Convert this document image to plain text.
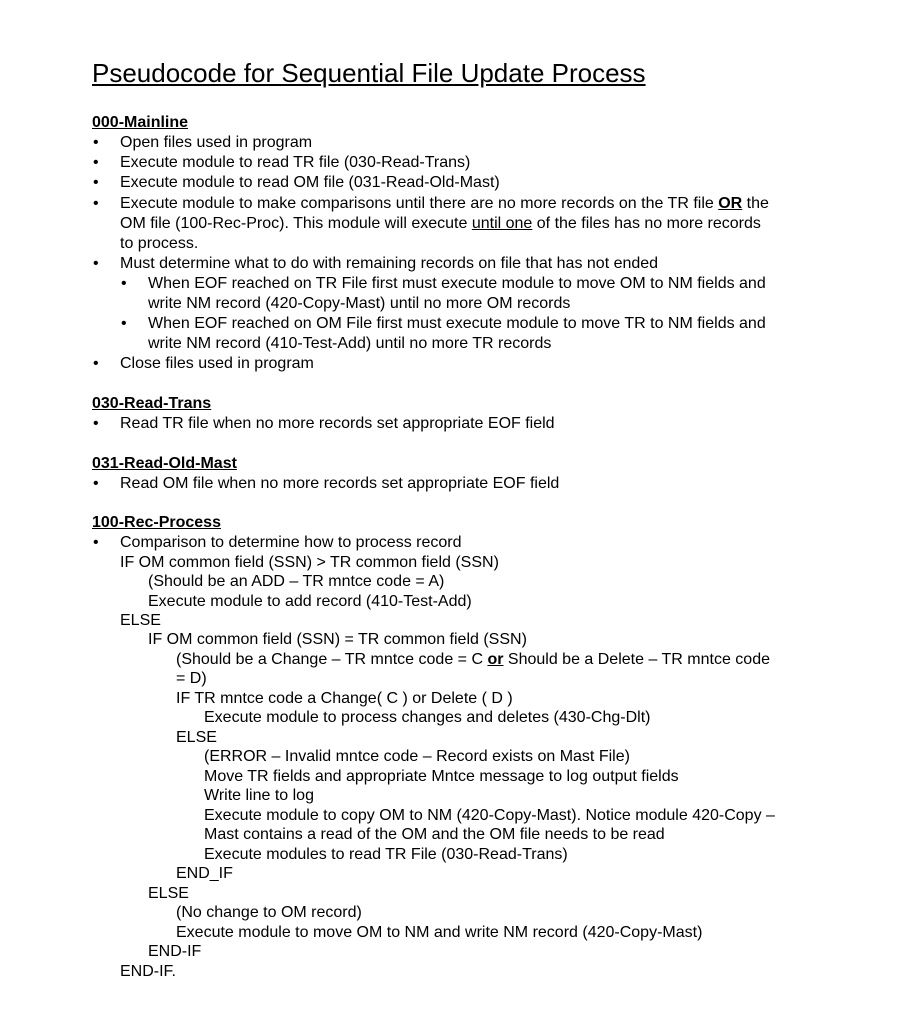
Pseudocode for Sequential File Update Process
000-Mainline
• Open files used in program
• Execute module to read TR file (030-Read-Trans)
• Execute module to read OM file (031-Read-Old-Mast)
• Execute module to make comparisons until there are no more records on the TR file OR the
OM file (100-Rec-Proc). This module will execute until one of the files has no more records
to process.
• Must determine what to do with remaining records on file that has not ended
• When EOF reached on TR File first must execute module to move OM to NM fields and
write NM record (420-Copy-Mast) until no more OM records
• When EOF reached on OM File first must execute module to move TR to NM fields and
write NM record (410-Test-Add) until no more TR records
• Close files used in program
030-Read-Trans
• Read TR file when no more records set appropriate EOF field
031-Read-Old-Mast
• Read OM file when no more records set appropriate EOF field
100-Rec-Process
• Comparison to determine how to process record
IF OM common field (SSN) > TR common field (SSN)
(Should be an ADD – TR mntce code = A)
Execute module to add record (410-Test-Add)
ELSE
IF OM common field (SSN) = TR common field (SSN)
(Should be a Change – TR mntce code = C or Should be a Delete – TR mntce code
= D)
IF TR mntce code a Change( C ) or Delete ( D )
Execute module to process changes and deletes (430-Chg-Dlt)
ELSE
(ERROR – Invalid mntce code – Record exists on Mast File)
Move TR fields and appropriate Mntce message to log output fields
Write line to log
Execute module to copy OM to NM (420-Copy-Mast). Notice module 420-Copy –
Mast contains a read of the OM and the OM file needs to be read
Execute modules to read TR File (030-Read-Trans)
END_IF
ELSE
(No change to OM record)
Execute module to move OM to NM and write NM record (420-Copy-Mast)
END-IF
END-IF.
